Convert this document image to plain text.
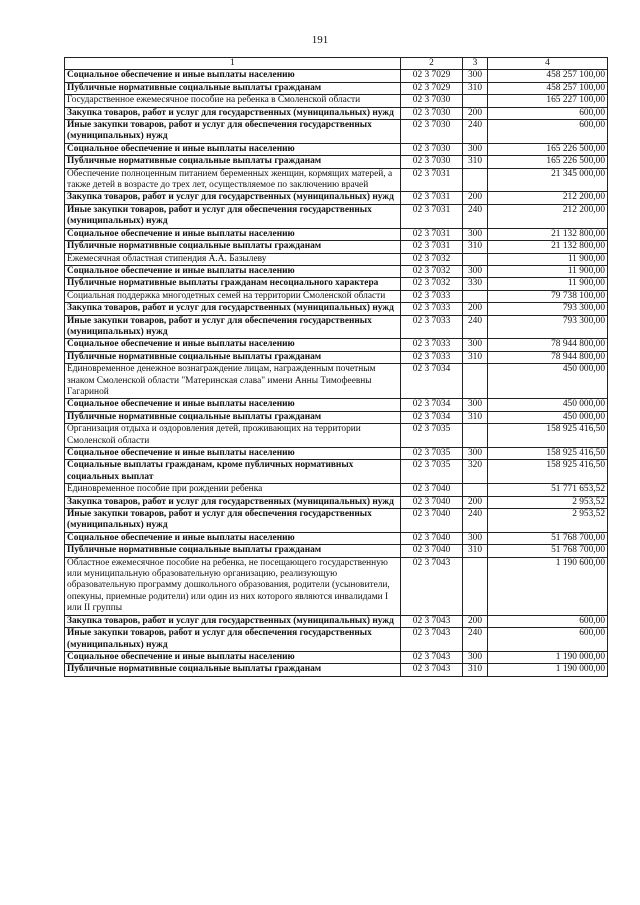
191
1	2	3	4
Социальное обеспечение и иные выплаты населению	02 3 7029	300	458 257 100,00
Публичные нормативные социальные выплаты гражданам	02 3 7029	310	458 257 100,00
Государственное ежемесячное пособие на ребенка в Смоленской области	02 3 7030		165 227 100,00
Закупка товаров, работ и услуг для государственных (муниципальных) нужд	02 3 7030	200	600,00
Иные закупки товаров, работ и услуг для обеспечения государственных (муниципальных) нужд	02 3 7030	240	600,00
Социальное обеспечение и иные выплаты населению	02 3 7030	300	165 226 500,00
Публичные нормативные социальные выплаты гражданам	02 3 7030	310	165 226 500,00
Обеспечение полноценным питанием беременных женщин, кормящих матерей, а также детей в возрасте до трех лет, осуществляемое по заключению врачей	02 3 7031		21 345 000,00
Закупка товаров, работ и услуг для государственных (муниципальных) нужд	02 3 7031	200	212 200,00
Иные закупки товаров, работ и услуг для обеспечения государственных (муниципальных) нужд	02 3 7031	240	212 200,00
Социальное обеспечение и иные выплаты населению	02 3 7031	300	21 132 800,00
Публичные нормативные социальные выплаты гражданам	02 3 7031	310	21 132 800,00
Ежемесячная областная стипендия А.А. Базылеву	02 3 7032		11 900,00
Социальное обеспечение и иные выплаты населению	02 3 7032	300	11 900,00
Публичные нормативные выплаты гражданам несоциального характера	02 3 7032	330	11 900,00
Социальная поддержка многодетных семей на территории Смоленской области	02 3 7033		79 738 100,00
Закупка товаров, работ и услуг для государственных (муниципальных) нужд	02 3 7033	200	793 300,00
Иные закупки товаров, работ и услуг для обеспечения государственных (муниципальных) нужд	02 3 7033	240	793 300,00
Социальное обеспечение и иные выплаты населению	02 3 7033	300	78 944 800,00
Публичные нормативные социальные выплаты гражданам	02 3 7033	310	78 944 800,00
Единовременное денежное вознаграждение лицам, награжденным почетным знаком Смоленской области "Материнская слава" имени Анны Тимофеевны Гагариной	02 3 7034		450 000,00
Социальное обеспечение и иные выплаты населению	02 3 7034	300	450 000,00
Публичные нормативные социальные выплаты гражданам	02 3 7034	310	450 000,00
Организация отдыха и оздоровления детей, проживающих на территории Смоленской области	02 3 7035		158 925 416,50
Социальное обеспечение и иные выплаты населению	02 3 7035	300	158 925 416,50
Социальные выплаты гражданам, кроме публичных нормативных социальных выплат	02 3 7035	320	158 925 416,50
Единовременное пособие при рождении ребенка	02 3 7040		51 771 653,52
Закупка товаров, работ и услуг для государственных (муниципальных) нужд	02 3 7040	200	2 953,52
Иные закупки товаров, работ и услуг для обеспечения государственных (муниципальных) нужд	02 3 7040	240	2 953,52
Социальное обеспечение и иные выплаты населению	02 3 7040	300	51 768 700,00
Публичные нормативные социальные выплаты гражданам	02 3 7040	310	51 768 700,00
Областное ежемесячное пособие на ребенка, не посещающего государственную или муниципальную образовательную организацию, реализующую образовательную программу дошкольного образования, родители (усыновители, опекуны, приемные родители) или один из них которого являются инвалидами I или II группы	02 3 7043		1 190 600,00
Закупка товаров, работ и услуг для государственных (муниципальных) нужд	02 3 7043	200	600,00
Иные закупки товаров, работ и услуг для обеспечения государственных (муниципальных) нужд	02 3 7043	240	600,00
Социальное обеспечение и иные выплаты населению	02 3 7043	300	1 190 000,00
Публичные нормативные социальные выплаты гражданам	02 3 7043	310	1 190 000,00
